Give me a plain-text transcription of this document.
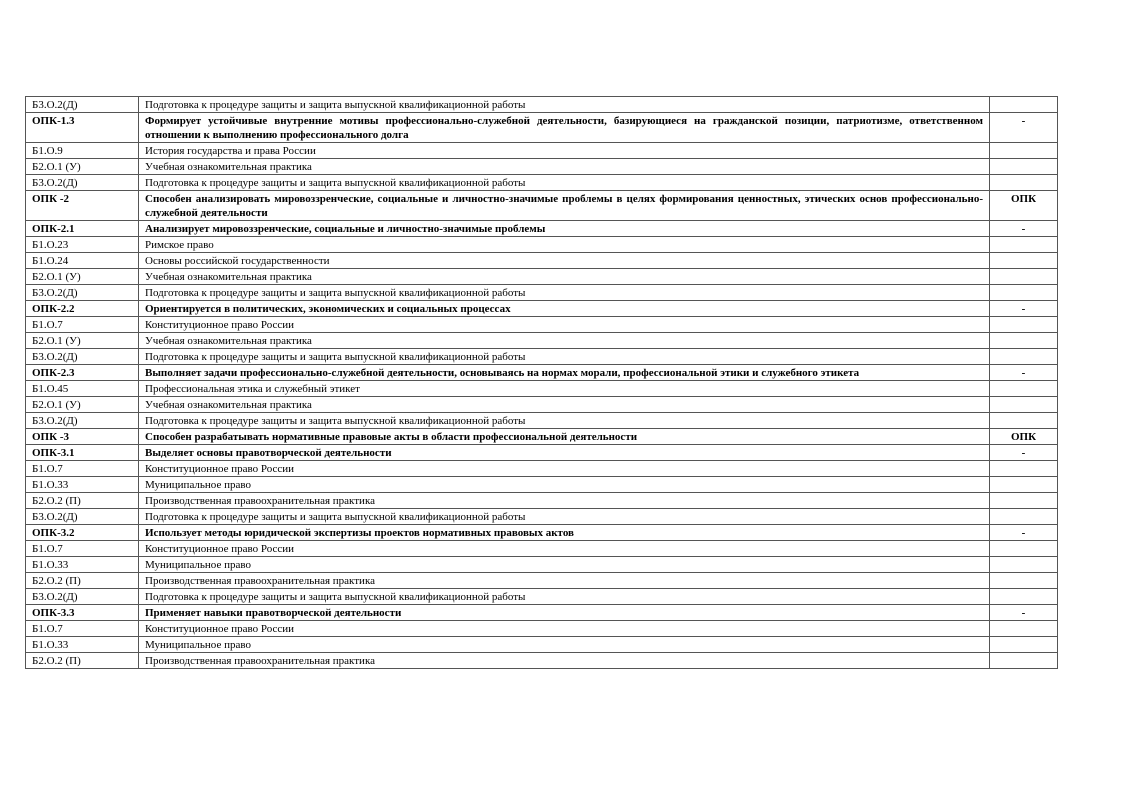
Б3.О.2(Д)	Подготовка к процедуре защиты и защита выпускной квалификационной работы	
ОПК-1.3	Формирует устойчивые внутренние мотивы профессионально-служебной деятельности, базирующиеся на гражданской позиции, патриотизме, ответственном отношении к выполнению профессионального долга	-
Б1.О.9	История государства и права России	
Б2.О.1 (У)	Учебная ознакомительная практика	
Б3.О.2(Д)	Подготовка к процедуре защиты и защита выпускной квалификационной работы	
ОПК -2	Способен анализировать мировоззренческие, социальные и личностно-значимые проблемы в целях формирования ценностных, этических основ профессионально-служебной деятельности	ОПК
ОПК-2.1	Анализирует мировоззренческие, социальные и личностно-значимые проблемы	-
Б1.О.23	Римское право	
Б1.О.24	Основы российской государственности	
Б2.О.1 (У)	Учебная ознакомительная практика	
Б3.О.2(Д)	Подготовка к процедуре защиты и защита выпускной квалификационной работы	
ОПК-2.2	Ориентируется в политических, экономических и социальных процессах	-
Б1.О.7	Конституционное право России	
Б2.О.1 (У)	Учебная ознакомительная практика	
Б3.О.2(Д)	Подготовка к процедуре защиты и защита выпускной квалификационной работы	
ОПК-2.3	Выполняет задачи профессионально-служебной деятельности, основываясь на нормах морали, профессиональной этики и служебного этикета	-
Б1.О.45	Профессиональная этика и служебный этикет	
Б2.О.1 (У)	Учебная ознакомительная практика	
Б3.О.2(Д)	Подготовка к процедуре защиты и защита выпускной квалификационной работы	
ОПК -3	Способен разрабатывать нормативные правовые акты в области профессиональной деятельности	ОПК
ОПК-3.1	Выделяет основы правотворческой деятельности	-
Б1.О.7	Конституционное право России	
Б1.О.33	Муниципальное право	
Б2.О.2 (П)	Производственная правоохранительная практика	
Б3.О.2(Д)	Подготовка к процедуре защиты и защита выпускной квалификационной работы	
ОПК-3.2	Использует методы юридической экспертизы проектов нормативных правовых актов	-
Б1.О.7	Конституционное право России	
Б1.О.33	Муниципальное право	
Б2.О.2 (П)	Производственная правоохранительная практика	
Б3.О.2(Д)	Подготовка к процедуре защиты и защита выпускной квалификационной работы	
ОПК-3.3	Применяет навыки правотворческой деятельности	-
Б1.О.7	Конституционное право России	
Б1.О.33	Муниципальное право	
Б2.О.2 (П)	Производственная правоохранительная практика	
